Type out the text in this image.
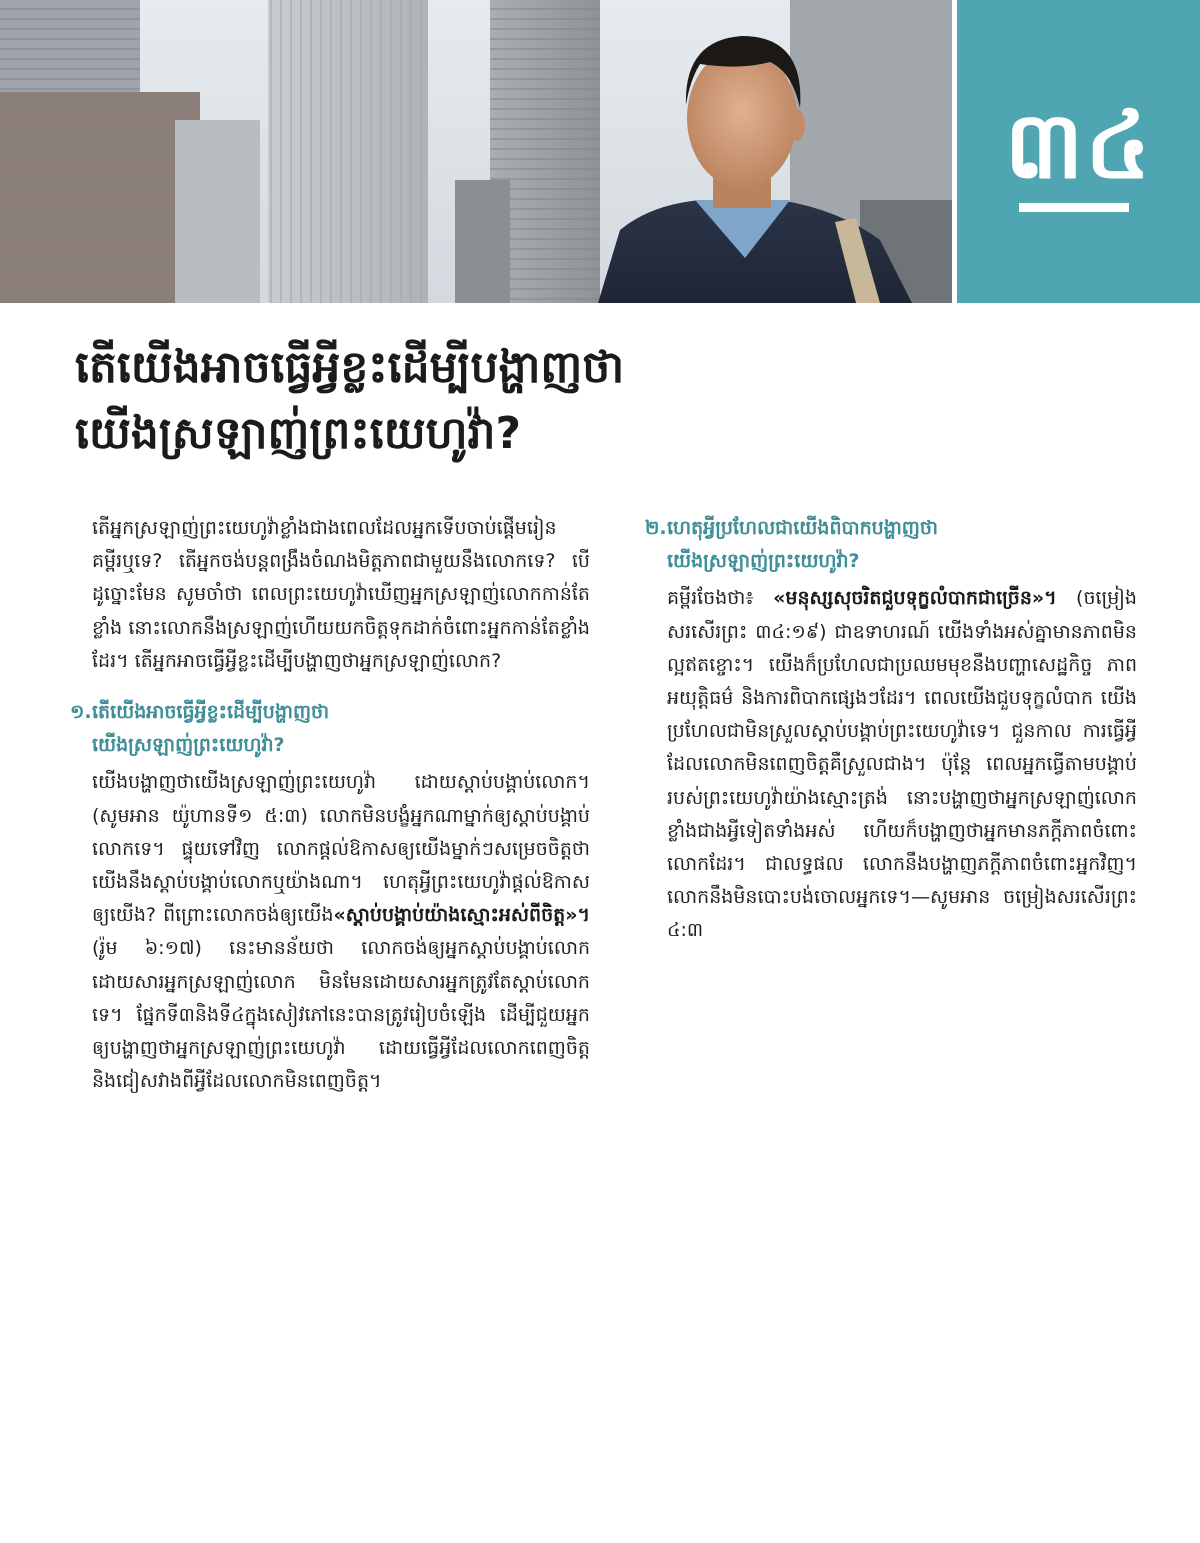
៣៤
តើយើងអាចធ្វើអ្វីខ្លះដើម្បីបង្ហាញថា
យើងស្រឡាញ់ព្រះយេហូវ៉ា?

តើអ្នកស្រឡាញ់ព្រះយេហូវ៉ាខ្លាំងជាងពេលដែលអ្នកទើបចាប់ផ្ដើមរៀនគម្ពីរឬទេ? តើអ្នកចង់បន្តពង្រឹងចំណងមិត្តភាពជាមួយនឹងលោកទេ? បើដូច្នោះមែន សូមចាំថា ពេលព្រះយេហូវ៉ាឃើញអ្នកស្រឡាញ់លោកកាន់តែខ្លាំង នោះលោកនឹងស្រឡាញ់ហើយយកចិត្តទុកដាក់ចំពោះអ្នកកាន់តែខ្លាំងដែរ។ តើអ្នកអាចធ្វើអ្វីខ្លះដើម្បីបង្ហាញថាអ្នកស្រឡាញ់លោក?

១. តើយើងអាចធ្វើអ្វីខ្លះដើម្បីបង្ហាញថា
យើងស្រឡាញ់ព្រះយេហូវ៉ា?

យើងបង្ហាញថាយើងស្រឡាញ់ព្រះយេហូវ៉ា ដោយស្ដាប់បង្គាប់លោក។ (សូមអាន យ៉ូហានទី១ ៥:៣) លោកមិនបង្ខំអ្នកណាម្នាក់ឲ្យស្ដាប់បង្គាប់លោកទេ។ ផ្ទុយទៅវិញ លោកផ្ដល់ឱកាសឲ្យយើងម្នាក់ៗសម្រេចចិត្តថា យើងនឹងស្ដាប់បង្គាប់លោកឬយ៉ាងណា។ ហេតុអ្វីព្រះយេហូវ៉ាផ្ដល់ឱកាសឲ្យយើង? ពីព្រោះលោកចង់ឲ្យយើង«ស្ដាប់បង្គាប់យ៉ាងស្មោះអស់ពីចិត្ត»។ (រ៉ូម ៦:១៧) នេះមានន័យថា លោកចង់ឲ្យអ្នកស្ដាប់បង្គាប់លោក ដោយសារអ្នកស្រឡាញ់លោក មិនមែនដោយសារអ្នកត្រូវតែស្ដាប់លោកទេ។ ផ្នែកទី៣និងទី៤ក្នុងសៀវភៅនេះបានត្រូវរៀបចំឡើង ដើម្បីជួយអ្នកឲ្យបង្ហាញថាអ្នកស្រឡាញ់ព្រះយេហូវ៉ា ដោយធ្វើអ្វីដែលលោកពេញចិត្ត និងជៀសវាងពីអ្វីដែលលោកមិនពេញចិត្ត។

២. ហេតុអ្វីប្រហែលជាយើងពិបាកបង្ហាញថា
យើងស្រឡាញ់ព្រះយេហូវ៉ា?

គម្ពីរចែងថា៖ «មនុស្សសុចរិតជួបទុក្ខលំបាកជាច្រើន»។ (ចម្រៀងសរសើរព្រះ ៣៤:១៩) ជាឧទាហរណ៍ យើងទាំងអស់គ្នាមានភាពមិនល្អឥតខ្ចោះ។ យើងក៏ប្រហែលជាប្រឈមមុខនឹងបញ្ហាសេដ្ឋកិច្ច ភាពអយុត្តិធម៌ និងការពិបាកផ្សេងៗដែរ។ ពេលយើងជួបទុក្ខលំបាក យើងប្រហែលជាមិនស្រួលស្ដាប់បង្គាប់ព្រះយេហូវ៉ាទេ។ ជួនកាល ការធ្វើអ្វីដែលលោកមិនពេញចិត្តគឺស្រួលជាង។ ប៉ុន្តែ ពេលអ្នកធ្វើតាមបង្គាប់របស់ព្រះយេហូវ៉ាយ៉ាងស្មោះត្រង់ នោះបង្ហាញថាអ្នកស្រឡាញ់លោកខ្លាំងជាងអ្វីទៀតទាំងអស់ ហើយក៏បង្ហាញថាអ្នកមានភក្ដីភាពចំពោះលោកដែរ។ ជាលទ្ធផល លោកនឹងបង្ហាញភក្ដីភាពចំពោះអ្នកវិញ។ លោកនឹងមិនបោះបង់ចោលអ្នកទេ។—សូមអាន ចម្រៀងសរសើរព្រះ ៤:៣
